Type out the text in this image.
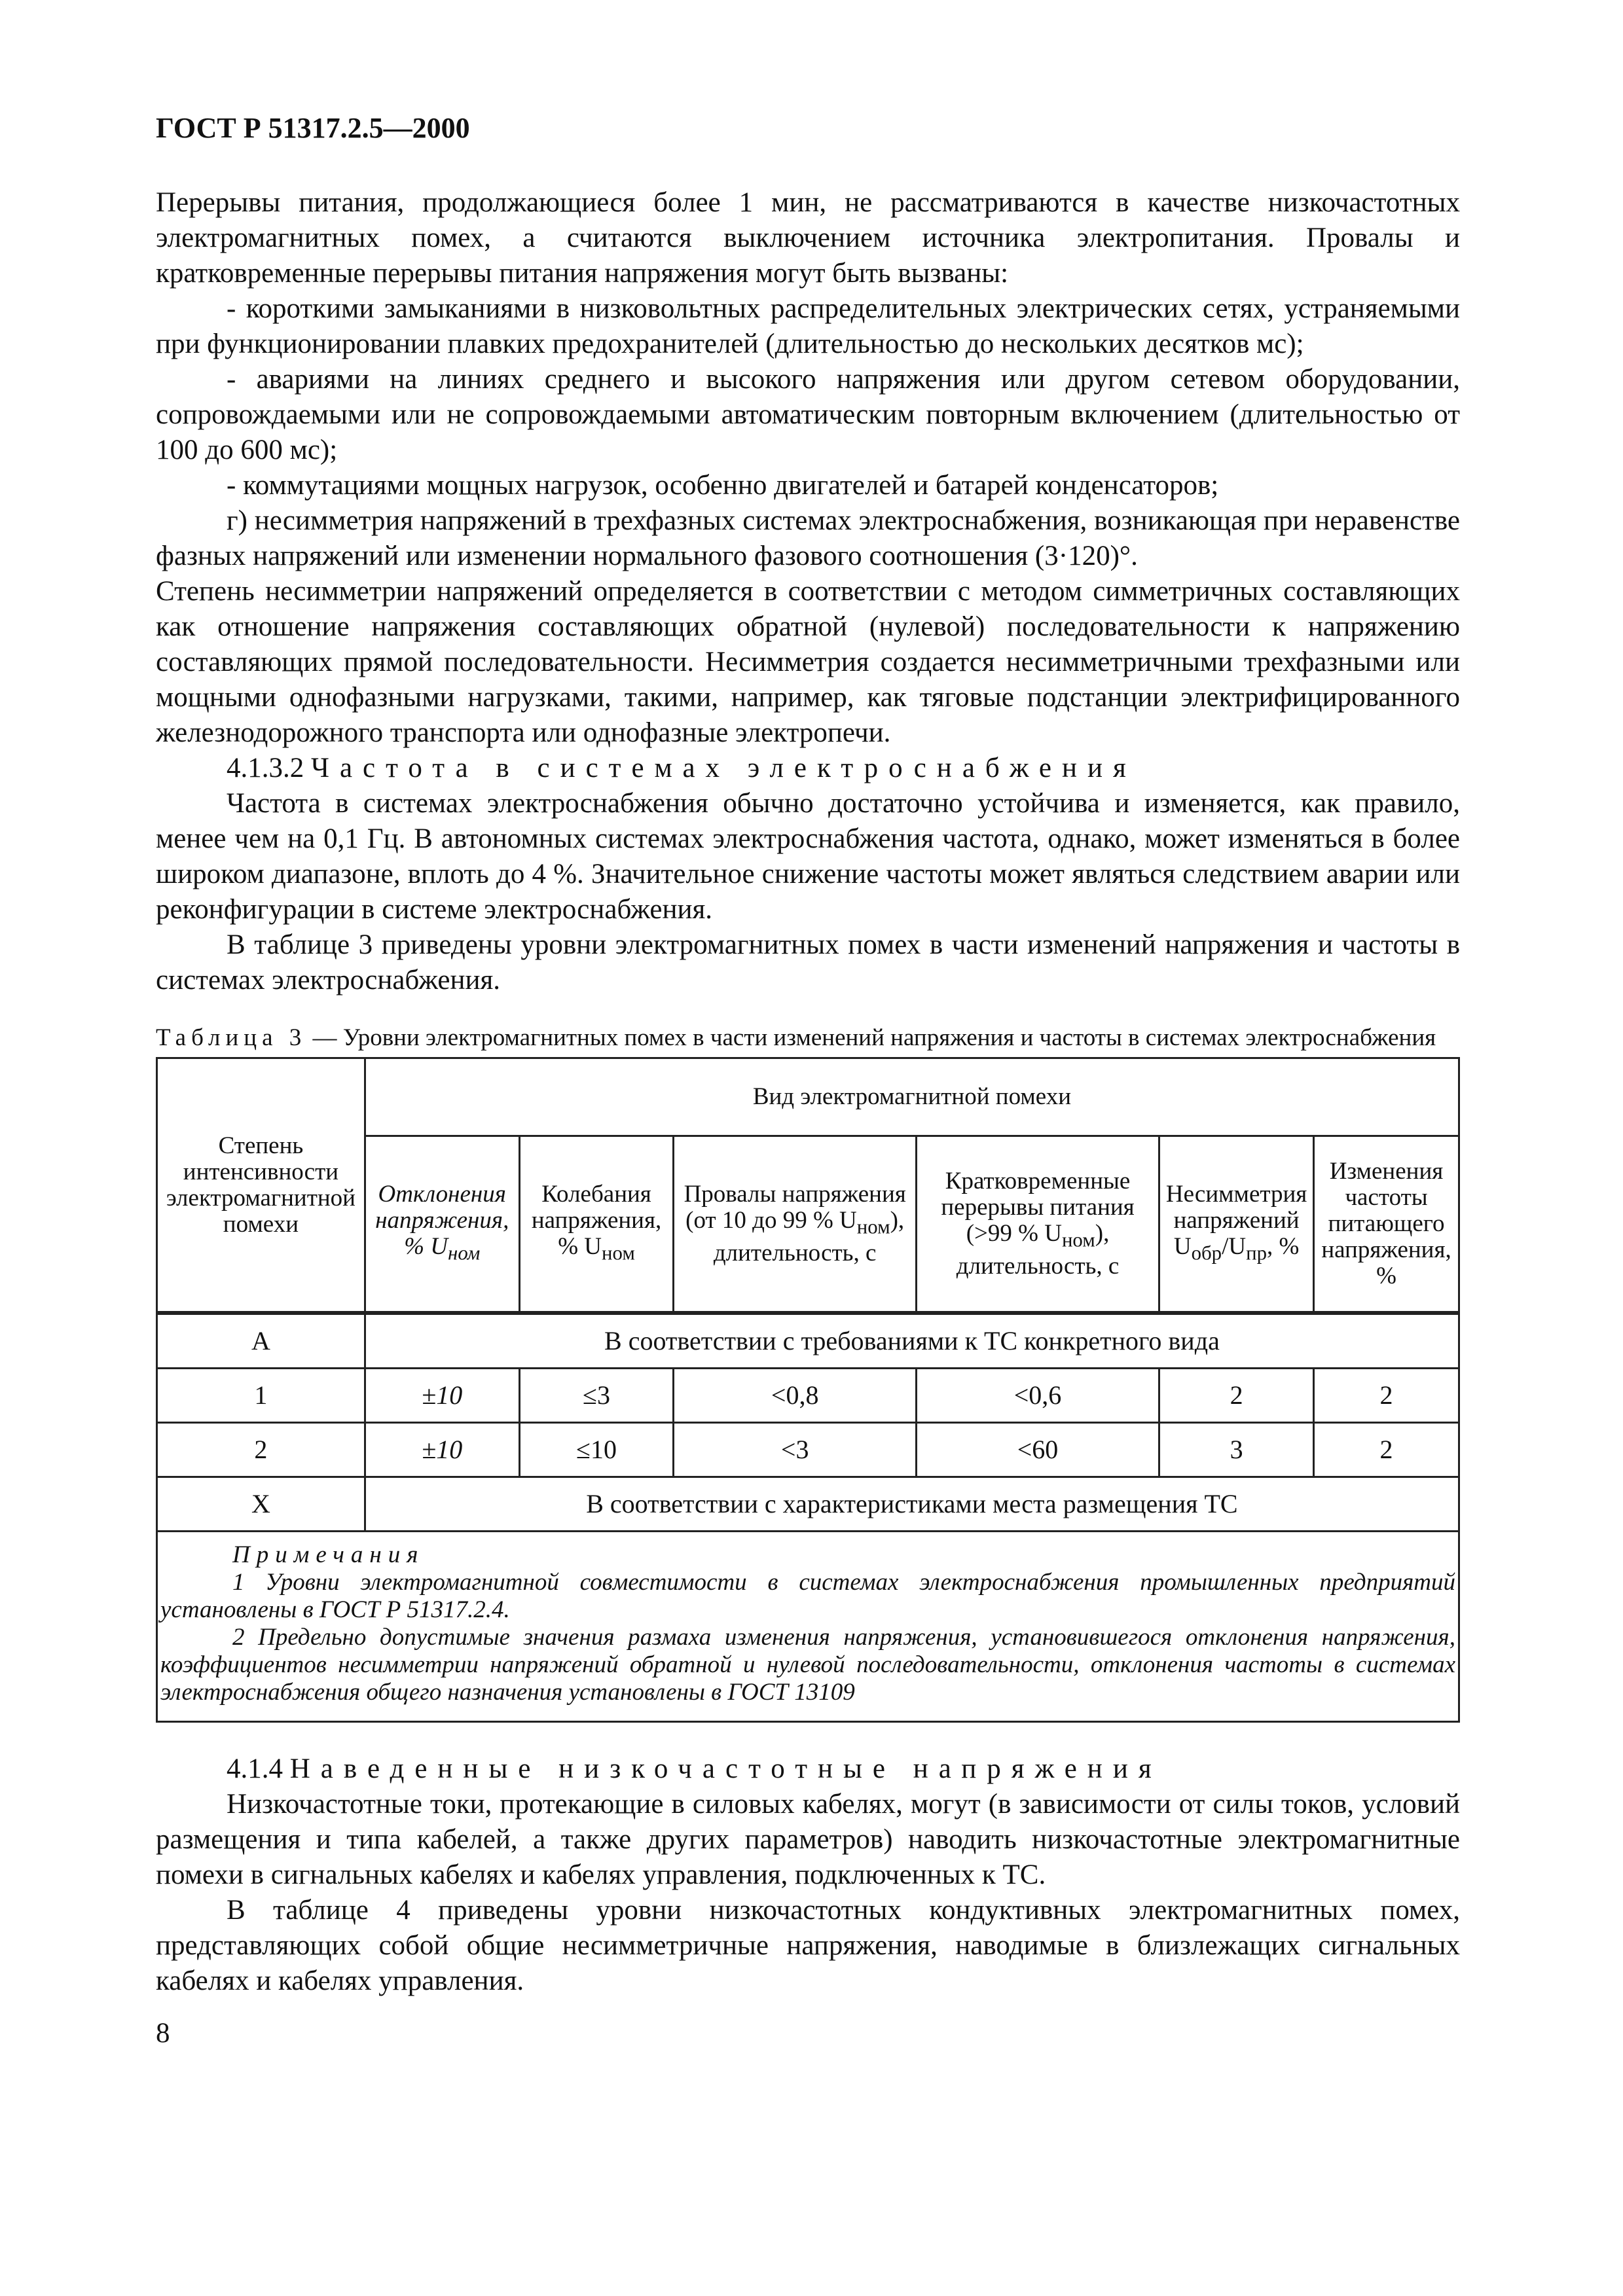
ГОСТ Р 51317.2.5—2000

Перерывы питания, продолжающиеся более 1 мин, не рассматриваются в качестве низкочастотных электромагнитных помех, а считаются выключением источника электропитания. Провалы и кратковременные перерывы питания напряжения могут быть вызваны:

- короткими замыканиями в низковольтных распределительных электрических сетях, устраняемыми при функционировании плавких предохранителей (длительностью до нескольких десятков мс);

- авариями на линиях среднего и высокого напряжения или другом сетевом оборудовании, сопровождаемыми или не сопровождаемыми автоматическим повторным включением (длительностью от 100 до 600 мс);

- коммутациями мощных нагрузок, особенно двигателей и батарей конденсаторов;

г) несимметрия напряжений в трехфазных системах электроснабжения, возникающая при неравенстве фазных напряжений или изменении нормального фазового соотношения (3·120)°.

Степень несимметрии напряжений определяется в соответствии с методом симметричных составляющих как отношение напряжения составляющих обратной (нулевой) последовательности к напряжению составляющих прямой последовательности. Несимметрия создается несимметричными трехфазными или мощными однофазными нагрузками, такими, например, как тяговые подстанции электрифицированного железнодорожного транспорта или однофазные электропечи.

4.1.3.2 Частота в системах электроснабжения

Частота в системах электроснабжения обычно достаточно устойчива и изменяется, как правило, менее чем на 0,1 Гц. В автономных системах электроснабжения частота, однако, может изменяться в более широком диапазоне, вплоть до 4 %. Значительное снижение частоты может являться следствием аварии или реконфигурации в системе электроснабжения.

В таблице 3 приведены уровни электромагнитных помех в части изменений напряжения и частоты в системах электроснабжения.

Таблица 3 — Уровни электромагнитных помех в части изменений напряжения и частоты в системах электроснабжения
Степень интенсивности электромагнитной помехи	Вид электромагнитной помехи					
	Отклонения напряжения, % $U_{ном}$	Колебания напряжения, % $U_{ном}$	Провалы напряжения (от 10 до 99 % $U_{ном}$), длительность, с	Кратковременные перерывы питания (>99 % $U_{ном}$), длительность, с	Несимметрия напряжений $U_{обр}/U_{пр}$, %	Изменения частоты питающего напряжения, %
A	В соответствии с требованиями к ТС конкретного вида					
1	±10	≤3	<0,8	<0,6	2	2
2	±10	≤10	<3	<60	3	2
X	В соответствии с характеристиками места размещения ТС					

Примечания
1 Уровни электромагнитной совместимости в системах электроснабжения промышленных предприятий установлены в ГОСТ Р 51317.2.4.
2 Предельно допустимые значения размаха изменения напряжения, установившегося отклонения напряжения, коэффициентов несимметрии напряжений обратной и нулевой последовательности, отклонения частоты в системах электроснабжения общего назначения установлены в ГОСТ 13109						

4.1.4 Наведенные низкочастотные напряжения

Низкочастотные токи, протекающие в силовых кабелях, могут (в зависимости от силы токов, условий размещения и типа кабелей, а также других параметров) наводить низкочастотные электромагнитные помехи в сигнальных кабелях и кабелях управления, подключенных к ТС.

В таблице 4 приведены уровни низкочастотных кондуктивных электромагнитных помех, представляющих собой общие несимметричные напряжения, наводимые в близлежащих сигнальных кабелях и кабелях управления.

8
